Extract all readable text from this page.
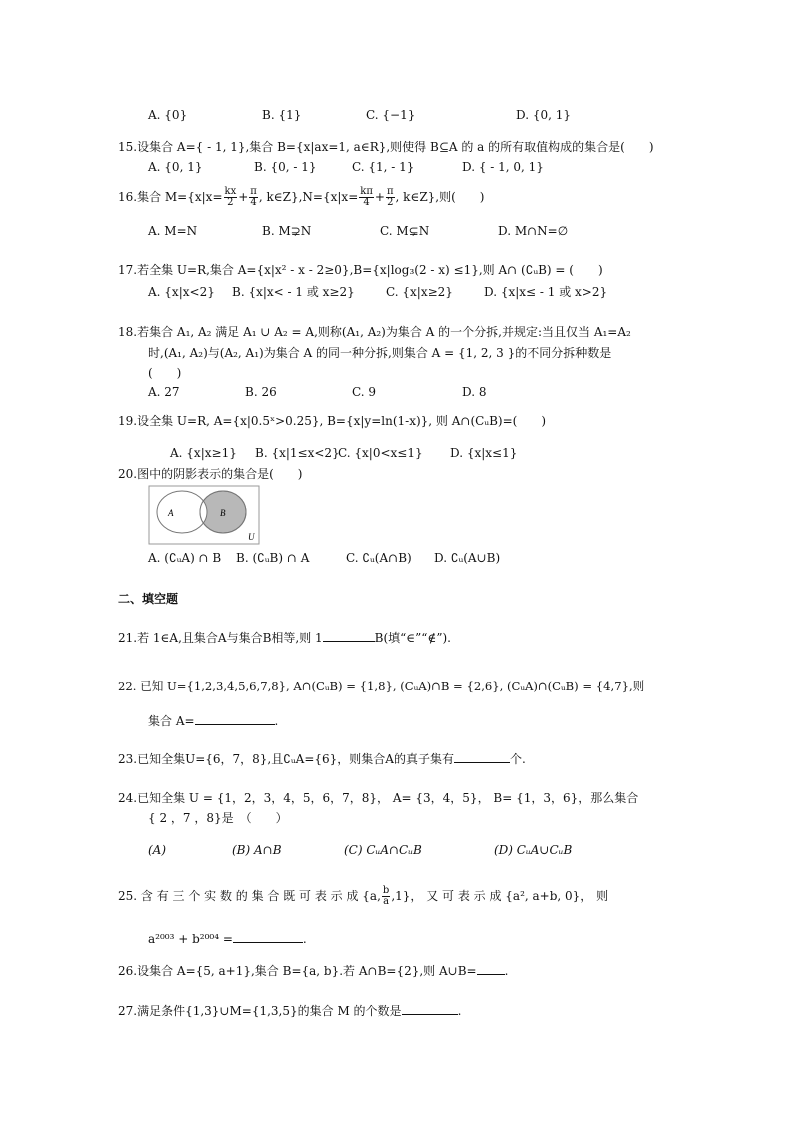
A. {0}	B. {1}	C. {−1}	D. {0, 1}
15.设集合 A={ - 1, 1},集合 B={x|ax=1, a∈R},则使得 B⊆A 的 a 的所有取值构成的集合是(　　)
A. {0, 1}	B. {0, - 1}	C. {1, - 1}	D. { - 1, 0, 1}
16.集合 $M=\{x|x= \frac{kx}{2} + \frac{\pi}{4}$ , k∈Z},N={x|x= $\frac{k\pi}{4} + \frac{\pi}{2}$ , k∈Z},则(　　)
A. M=N	B. M⊋N	C. M⊊N	D. M∩N=∅
17.若全集 U=R,集合 A={x|x² - x - 2≥0},B={x|log₃(2 - x) ≤1},则 A∩ (∁ᵤB) = (　　)
A. {x|x<2} B. {x|x< - 1 或 x≥2}	C. {x|x≥2}	D. {x|x≤ - 1 或 x>2}
18.若集合 A₁, A₂ 满足 A₁ ∪ A₂ = A,则称(A₁, A₂)为集合 A 的一个分拆,并规定:当且仅当 A₁=A₂
时,(A₁, A₂)与(A₂, A₁)为集合 A 的同一种分拆,则集合 A = {1, 2, 3 }的不同分拆种数是
(　　)
A. 27	B. 26	C. 9	D. 8
19.设全集 U=R, A={x|0.5ˣ>0.25}, B={x|y=ln(1-x)}, 则 A∩(CᵤB)=(　　)
A. {x|x≥1} B. {x|1≤x<2}
C. {x|0<x≤1} D. {x|x≤1}
20.图中的阴影表示的集合是(　　)
A	B
U
A. (∁ᵤA) ∩ B B. (∁ᵤB) ∩ A	C. ∁ᵤ(A∩B) D. ∁ᵤ(A∪B)
二、填空题
21.若 1∈A,且集合A与集合B相等,则 1	B(填“∈”“∉”).
22. 已知 U={1,2,3,4,5,6,7,8}, A∩(CᵤB) = {1,8}, (CᵤA)∩B = {2,6}, (CᵤA)∩(CᵤB) = {4,7},则
集合 A=	.
23.已知全集U={6，7，8},且∁ᵤA={6}，则集合A的真子集有	个.
24.已知全集 U = {1，2，3，4，5，6，7，8}， A= {3，4，5}， B= {1，3，6}，那么集合
{ 2 ，7 ，8}是　（　　）
(A)	(B) A∩B	(C) CᵤA∩CᵤB	(D) CᵤA∪CᵤB
25. 含 有 三 个 实 数 的 集 合 既 可 表 示 成 {a, $\frac{b}{a} ,1$}， 又 可 表 示 成 {a², a+b, 0}， 则
a²⁰⁰³ + b²⁰⁰⁴ =	.
26.设集合 A={5, a+1},集合 B={a, b}.若 A∩B={2},则 A∪B= .
27.满足条件{1,3}∪M={1,3,5}的集合 M 的个数是	.
